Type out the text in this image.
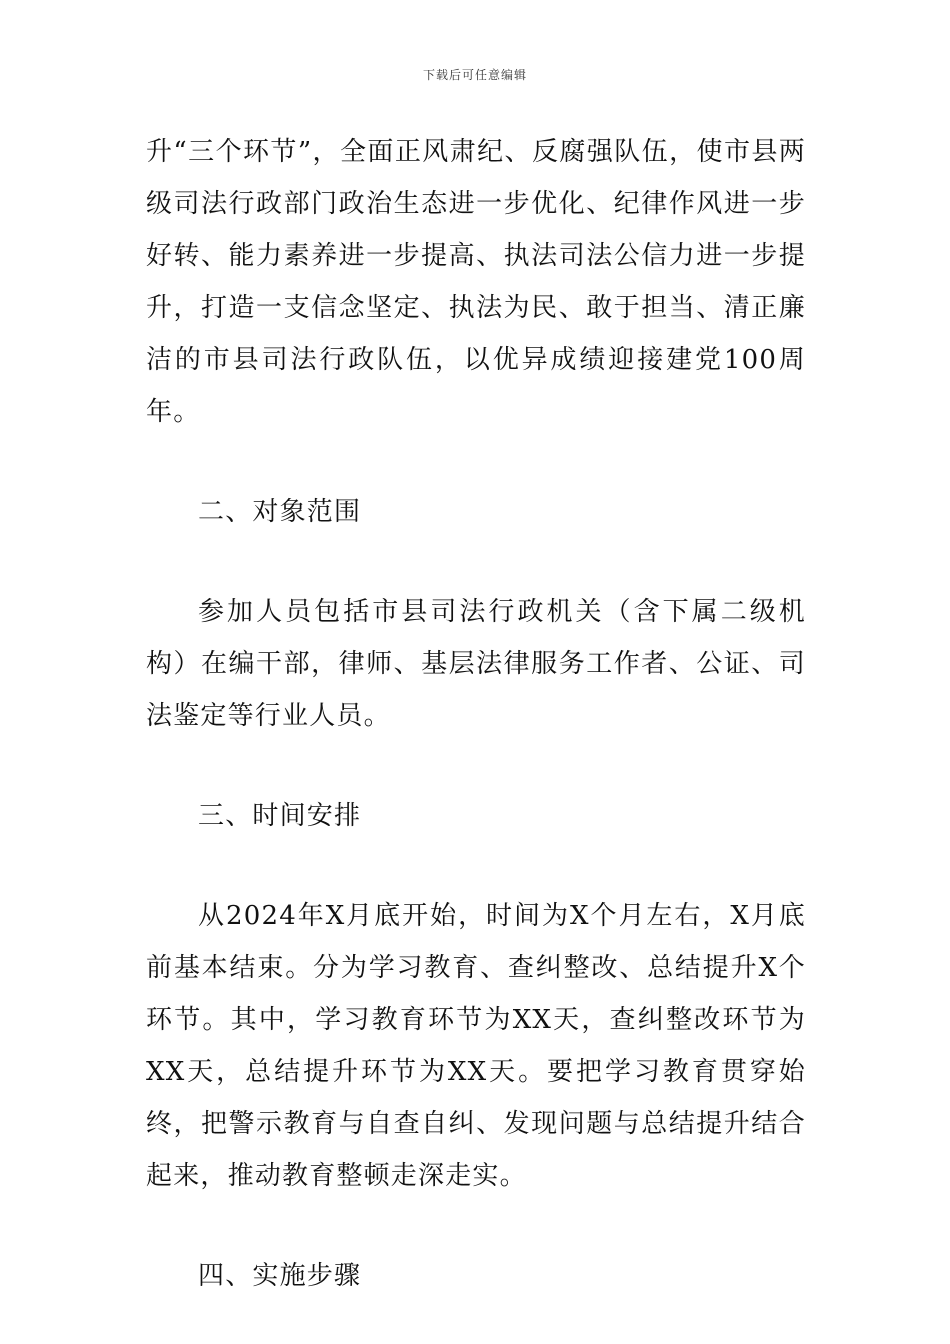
下载后可任意编辑

升“三个环节”，全面正风肃纪、反腐强队伍，使市县两级司法行政部门政治生态进一步优化、纪律作风进一步好转、能力素养进一步提高、执法司法公信力进一步提升，打造一支信念坚定、执法为民、敢于担当、清正廉洁的市县司法行政队伍，以优异成绩迎接建党100周年。

二、对象范围

参加人员包括市县司法行政机关（含下属二级机构）在编干部，律师、基层法律服务工作者、公证、司法鉴定等行业人员。

三、时间安排

从2024年X月底开始，时间为X个月左右，X月底前基本结束。分为学习教育、查纠整改、总结提升X个环节。其中，学习教育环节为XX天，查纠整改环节为XX天，总结提升环节为XX天。要把学习教育贯穿始终，把警示教育与自查自纠、发现问题与总结提升结合起来，推动教育整顿走深走实。

四、实施步骤
